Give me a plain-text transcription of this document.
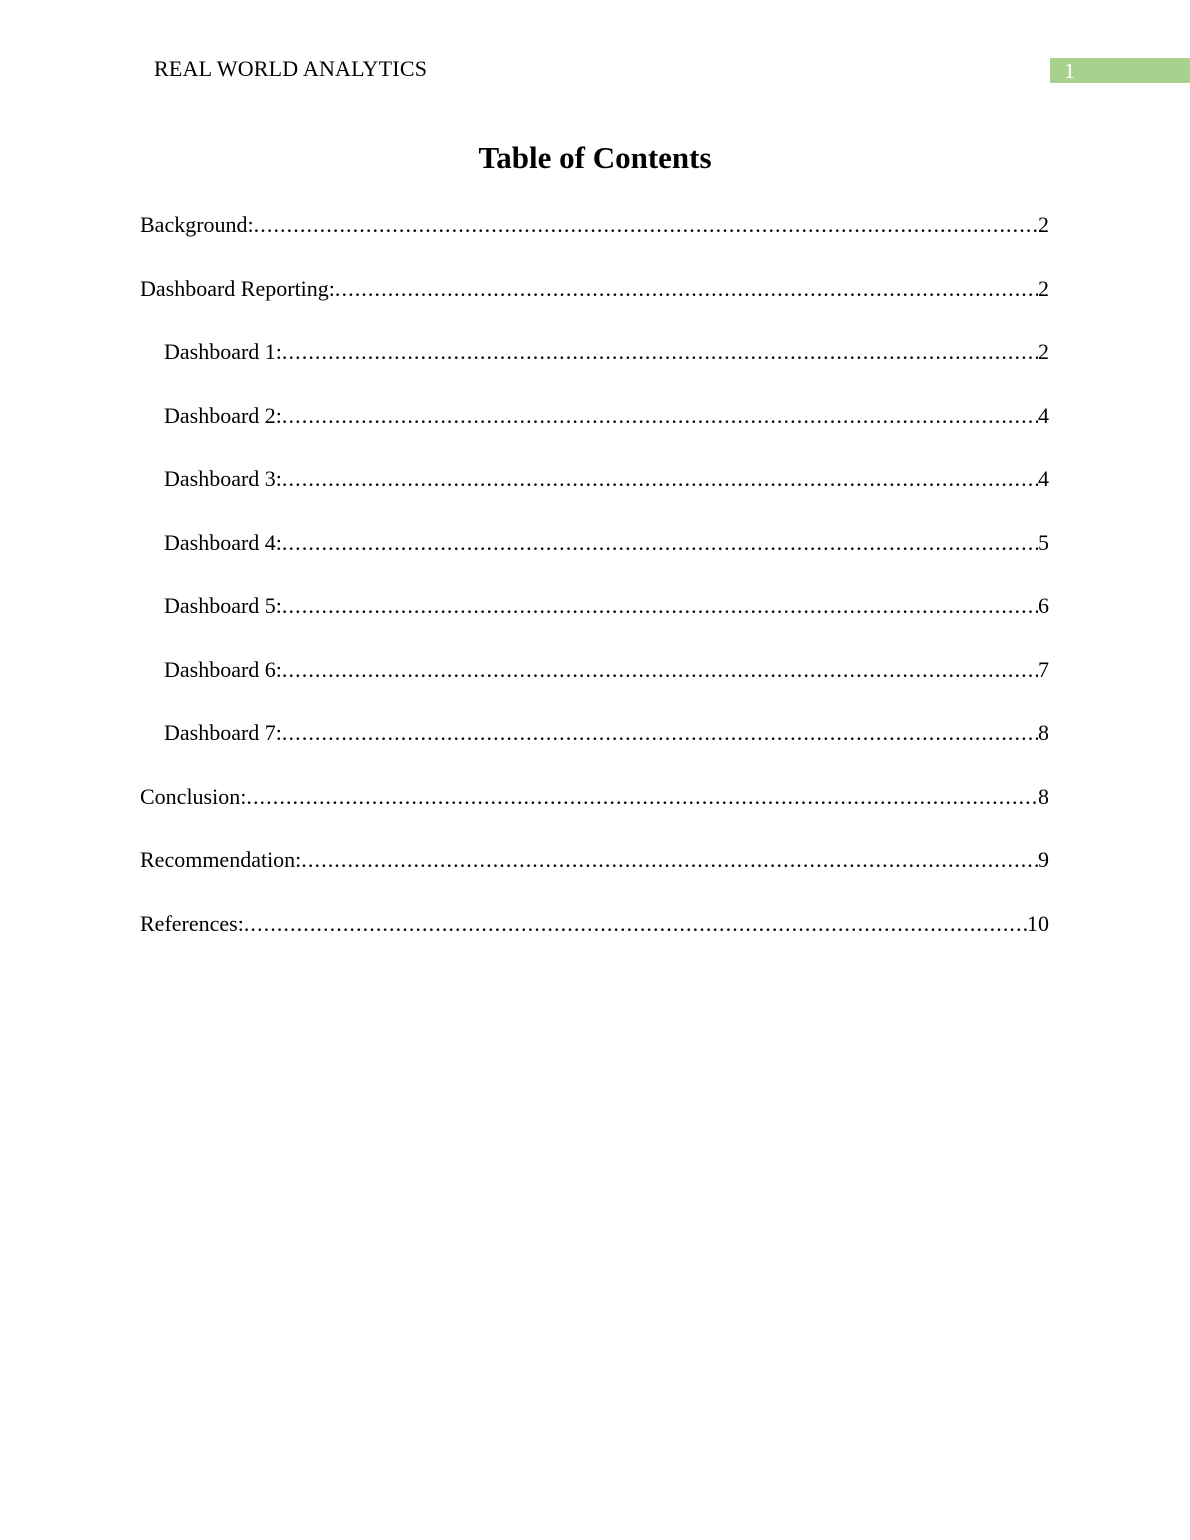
REAL WORLD ANALYTICS	1
Table of Contents
Background: .....	2
Dashboard Reporting: .....	2
Dashboard 1: .....	2
Dashboard 2: .....	4
Dashboard 3: .....	4
Dashboard 4: .....	5
Dashboard 5: .....	6
Dashboard 6: .....	7
Dashboard 7: .....	8
Conclusion: .....	8
Recommendation: .....	9
References: .....	10
